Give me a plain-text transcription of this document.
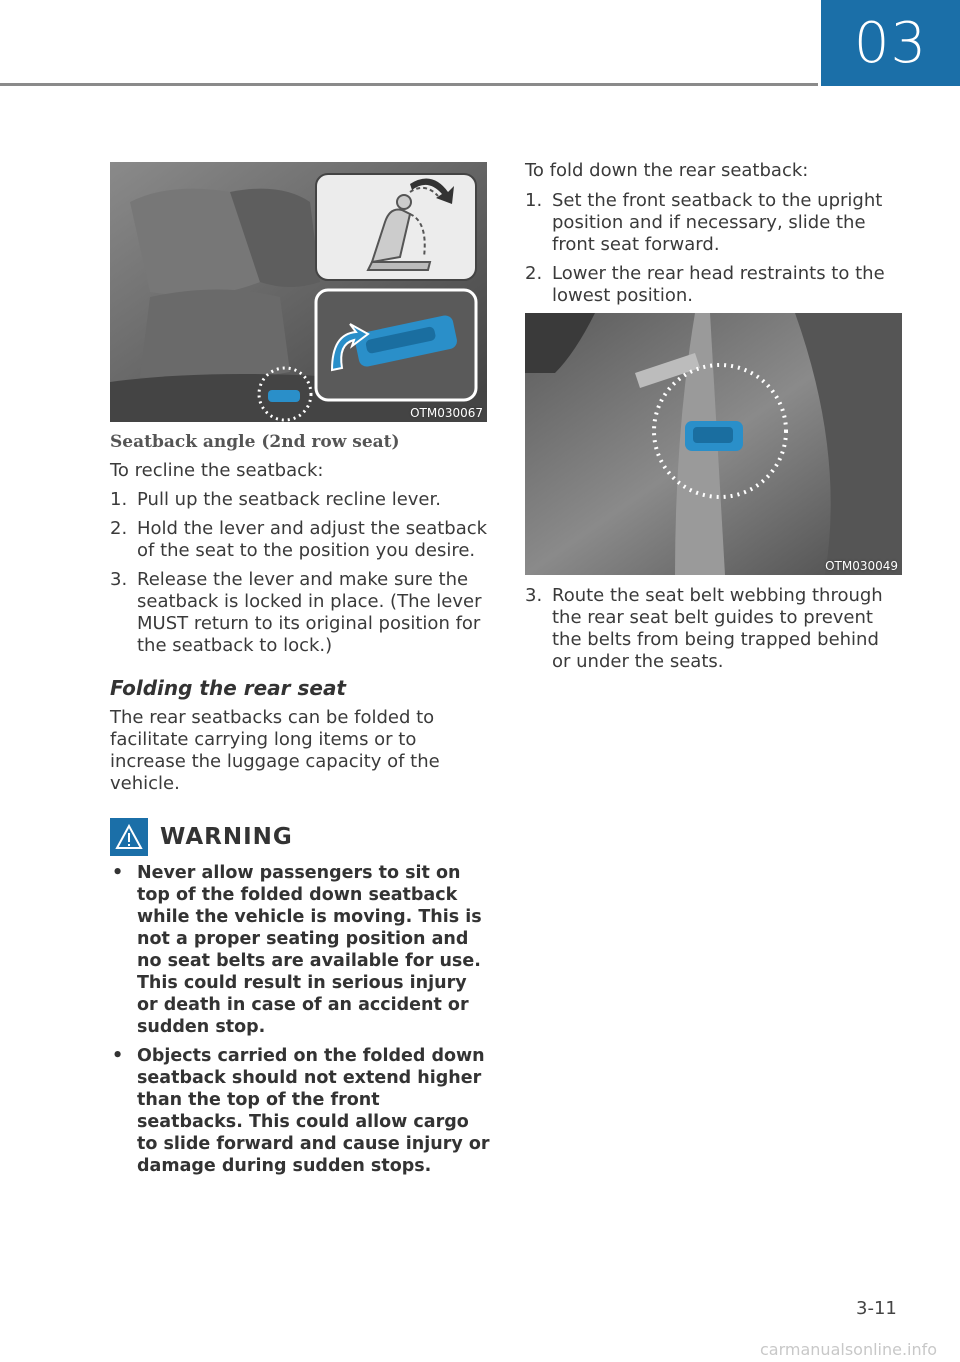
03
OTM030067
Seatback angle (2nd row seat)

To recline the seatback:

1. Pull up the seatback recline lever.
2. Hold the lever and adjust the seatback of the seat to the position you desire.
3. Release the lever and make sure the seatback is locked in place. (The lever MUST return to its original position for the seatback to lock.)
Folding the rear seat

The rear seatbacks can be folded to facilitate carrying long items or to increase the luggage capacity of the vehicle.

WARNING
• Never allow passengers to sit on top of the folded down seatback while the vehicle is moving. This is not a proper seating position and no seat belts are available for use. This could result in serious injury or death in case of an accident or sudden stop.
• Objects carried on the folded down seatback should not extend higher than the top of the front seatbacks. This could allow cargo to slide forward and cause injury or damage during sudden stops.

To fold down the rear seatback:

1. Set the front seatback to the upright position and if necessary, slide the front seat forward.
2. Lower the rear head restraints to the lowest position.
OTM030049
3. Route the seat belt webbing through the rear seat belt guides to prevent the belts from being trapped behind or under the seats.
3-11
carmanualsonline.info
